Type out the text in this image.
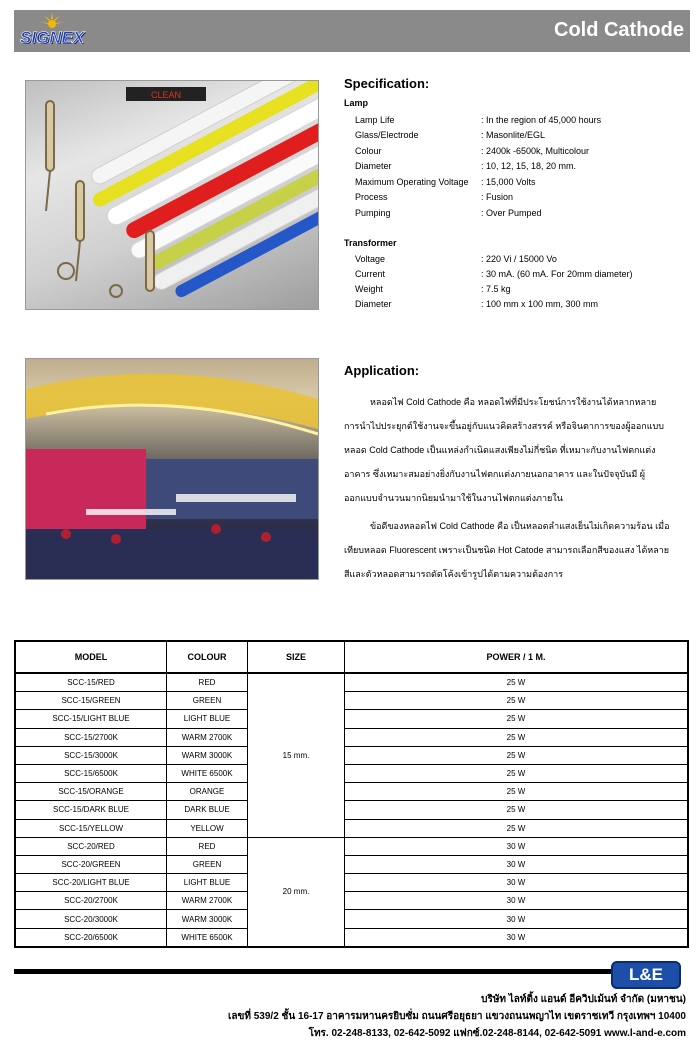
SIGNEX	Cold Cathode
CLEAN
Specification:
Lamp
Lamp Life	: In the region of 45,000 hours
Glass/Electrode	: Masonlite/EGL
Colour	: 2400k -6500k, Multicolour
Diameter	: 10, 12, 15, 18, 20 mm.
Maximum Operating Voltage : 15,000 Volts
Process	: Fusion
Pumping	: Over Pumped
Transformer
Voltage	: 220 Vi / 15000 Vo
Current	: 30 mA. (60 mA. For 20mm diameter)
Weight	: 7.5 kg
Diameter	: 100 mm x 100 mm, 300 mm
Application:
หลอดไฟ Cold Cathode คือ หลอดไฟที่มีประโยชน์การใช้งานได้หลากหลาย การนำไปประยุกต์ใช้งานจะขึ้นอยู่กับแนวคิดสร้างสรรค์ หรือจินตาการของผู้ออกแบบ หลอด Cold Cathode เป็นแหล่งกำเนิดแสงเพียงไม่กี่ชนิด ที่เหมาะกับงานไฟตกแต่ง อาคาร ซึ่งเหมาะสมอย่างยิ่งกับงานไฟตกแต่งภายนอกอาคาร และในปัจจุบันมี ผู้ออกแบบจำนวนมากนิยมนำมาใช้ในงานไฟตกแต่งภายใน
ข้อดีของหลอดไฟ Cold Cathode คือ เป็นหลอดลำแสงเย็นไม่เกิดความร้อน เมื่อเทียบหลอด Fluorescent เพราะเป็นชนิด Hot Catode สามารถเลือกสีของแสง ได้หลายสีและตัวหลอดสามารถดัดโค้งเข้ารูปได้ตามความต้องการ
MODEL	COLOUR	SIZE	POWER / 1 M.
SCC-15/RED	RED	15 mm.	25 W
SCC-15/GREEN	GREEN		25 W
SCC-15/LIGHT BLUE	LIGHT BLUE		25 W
SCC-15/2700K	WARM 2700K		25 W
SCC-15/3000K	WARM 3000K		25 W
SCC-15/6500K	WHITE 6500K		25 W
SCC-15/ORANGE	ORANGE		25 W
SCC-15/DARK BLUE	DARK BLUE		25 W
SCC-15/YELLOW	YELLOW		25 W
SCC-20/RED	RED	20 mm.	30 W
SCC-20/GREEN	GREEN		30 W
SCC-20/LIGHT BLUE	LIGHT BLUE		30 W
SCC-20/2700K	WARM 2700K		30 W
SCC-20/3000K	WARM 3000K		30 W
SCC-20/6500K	WHITE 6500K		30 W
L&E
บริษัท ไลท์ติ้ง แอนด์ อีควิปเม้นท์ จำกัด (มหาชน)
เลขที่ 539/2 ชั้น 16-17 อาคารมหานครยิบซั่ม ถนนศรีอยุธยา แขวงถนนพญาไท เขตราชเทวี กรุงเทพฯ 10400
โทร. 02-248-8133, 02-642-5092 แฟกซ์.02-248-8144, 02-642-5091 www.l-and-e.com
